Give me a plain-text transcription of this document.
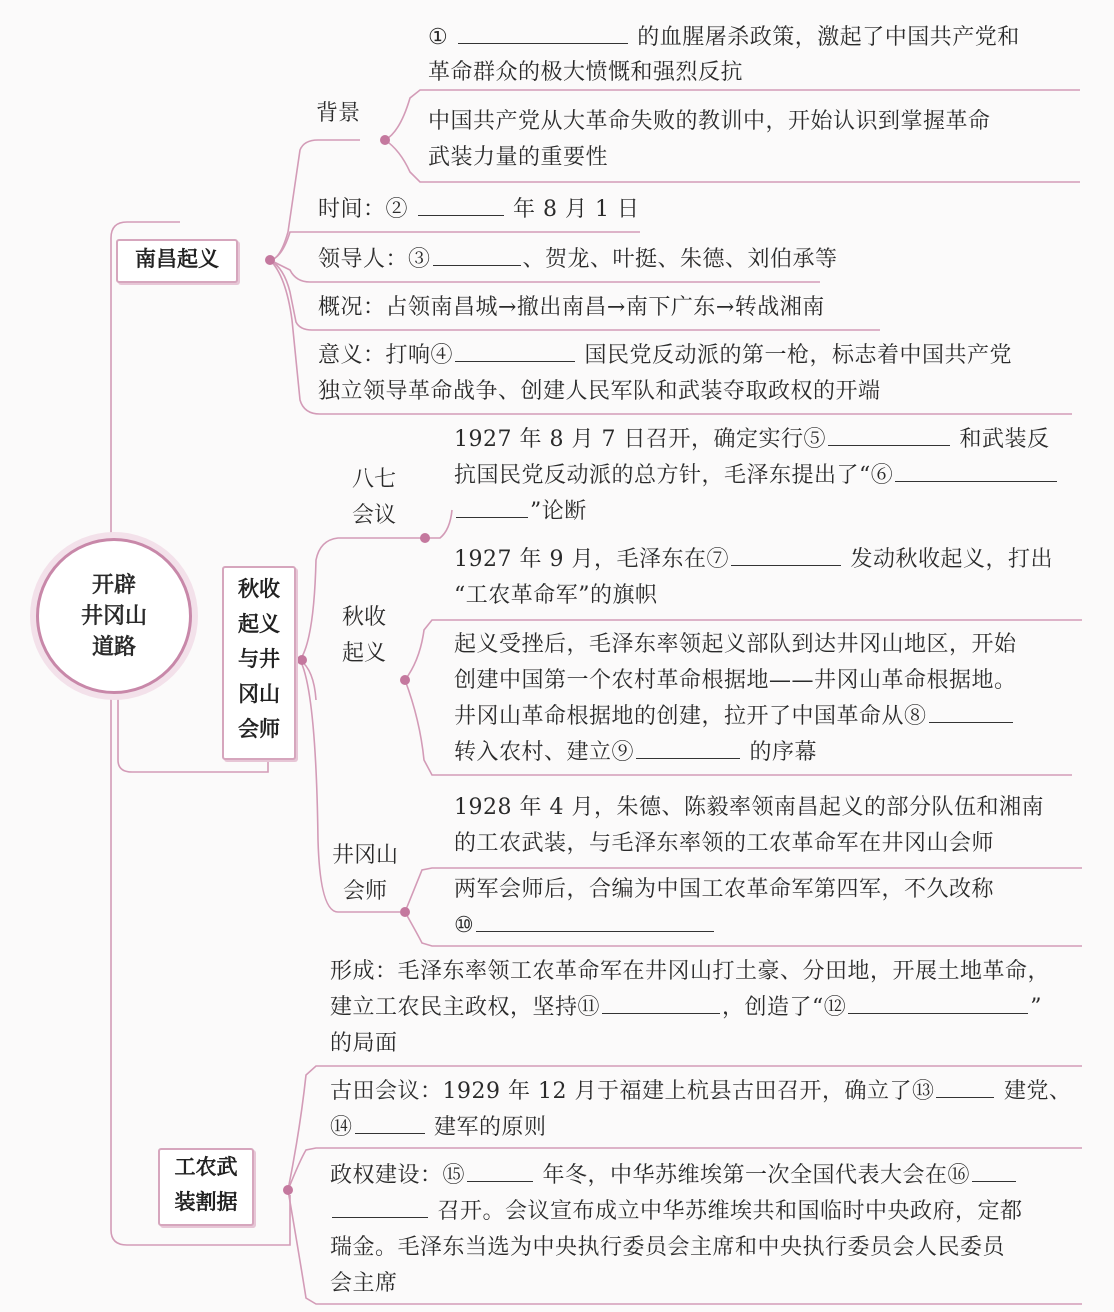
开辟
井冈山
道路
南昌起义
秋收
起义
与井
冈山
会师
工农武
装割据
背景
①	的血腥屠杀政策，激起了中国共产党和
革命群众的极大愤慨和强烈反抗
中国共产党从大革命失败的教训中，开始认识到掌握革命
武装力量的重要性
时间：②	年 8 月 1 日
领导人：③	、贺龙、叶挺、朱德、刘伯承等
概况：占领南昌城→撤出南昌→南下广东→转战湘南
意义：打响④	国民党反动派的第一枪，标志着中国共产党
独立领导革命战争、创建人民军队和武装夺取政权的开端
八七
会议
1927 年 8 月 7 日召开，确定实行⑤	和武装反
抗国民党反动派的总方针，毛泽东提出了“⑥
”论断
秋收
起义
1927 年 9 月，毛泽东在⑦	发动秋收起义，打出
“工农革命军”的旗帜
起义受挫后，毛泽东率领起义部队到达井冈山地区，开始
创建中国第一个农村革命根据地——井冈山革命根据地。
井冈山革命根据地的创建，拉开了中国革命从⑧
转入农村、建立⑨	的序幕
井冈山
会师
1928 年 4 月，朱德、陈毅率领南昌起义的部分队伍和湘南
的工农武装，与毛泽东率领的工农革命军在井冈山会师
两军会师后，合编为中国工农革命军第四军，不久改称
⑩
形成：毛泽东率领工农革命军在井冈山打土豪、分田地，开展土地革命，
建立工农民主政权，坚持⑪	，创造了“⑫	”
的局面
古田会议：1929 年 12 月于福建上杭县古田召开，确立了⑬	建党、
⑭	建军的原则
政权建设：⑮	年冬，中华苏维埃第一次全国代表大会在⑯
召开。会议宣布成立中华苏维埃共和国临时中央政府，定都
瑞金。毛泽东当选为中央执行委员会主席和中央执行委员会人民委员
会主席
